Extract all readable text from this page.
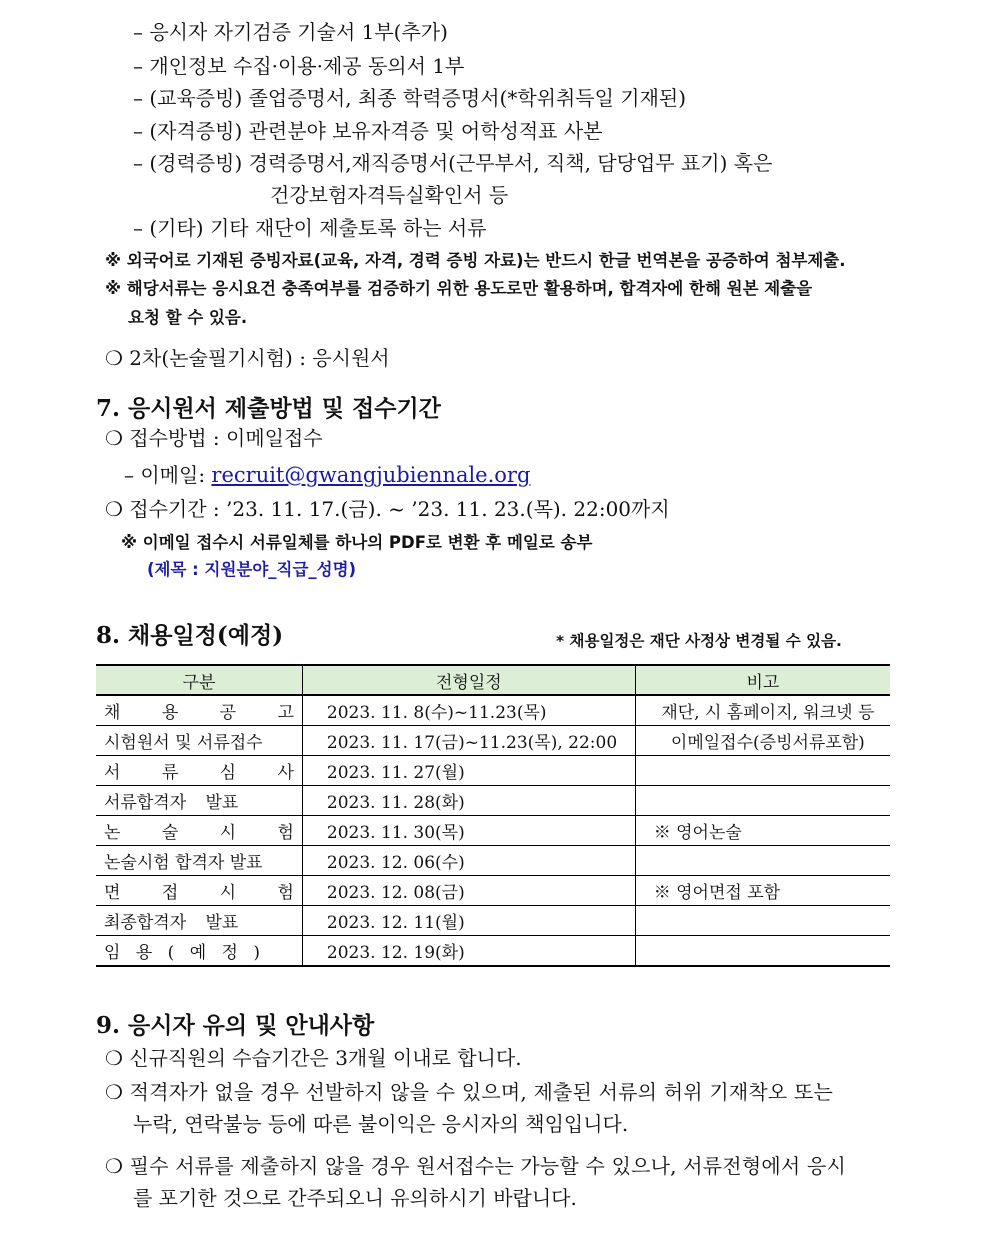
– 응시자 자기검증 기술서 1부(추가)
– 개인정보 수집·이용·제공 동의서 1부
– (교육증빙) 졸업증명서, 최종 학력증명서(*학위취득일 기재된)
– (자격증빙) 관련분야 보유자격증 및 어학성적표 사본
– (경력증빙) 경력증명서,재직증명서(근무부서, 직책, 담당업무 표기) 혹은
건강보험자격득실확인서 등
– (기타) 기타 재단이 제출토록 하는 서류
※ 외국어로 기재된 증빙자료(교육, 자격, 경력 증빙 자료)는 반드시 한글 번역본을 공증하여 첨부제출.
※ 해당서류는 응시요건 충족여부를 검증하기 위한 용도로만 활용하며, 합격자에 한해 원본 제출을
요청 할 수 있음.
❍ 2차(논술필기시험) : 응시원서
7. 응시원서 제출방법 및 접수기간
❍ 접수방법 : 이메일접수
– 이메일: recruit@gwangjubiennale.org
❍ 접수기간 : ’23. 11. 17.(금). ~ ’23. 11. 23.(목). 22:00까지
※ 이메일 접수시 서류일체를 하나의 PDF로 변환 후 메일로 송부
(제목 : 지원분야_직급_성명)
8. 채용일정(예정)	* 채용일정은 재단 사정상 변경될 수 있음.
구분	전형일정	비고
채 용 공 고	2023. 11. 8(수)~11.23(목)	재단, 시 홈페이지, 워크넷 등
시험원서 및 서류접수	2023. 11. 17(금)~11.23(목), 22:00	이메일접수(증빙서류포함)
서 류 심 사	2023. 11. 27(월)	
서류합격자 발표	2023. 11. 28(화)	
논 술 시 험	2023. 11. 30(목)	※ 영어논술
논술시험 합격자 발표	2023. 12. 06(수)	
면 접 시 험	2023. 12. 08(금)	※ 영어면접 포함
최종합격자 발표	2023. 12. 11(월)	
임 용 ( 예 정 )	2023. 12. 19(화)	
9. 응시자 유의 및 안내사항
❍ 신규직원의 수습기간은 3개월 이내로 합니다.
❍ 적격자가 없을 경우 선발하지 않을 수 있으며, 제출된 서류의 허위 기재착오 또는
누락, 연락불능 등에 따른 불이익은 응시자의 책임입니다.
❍ 필수 서류를 제출하지 않을 경우 원서접수는 가능할 수 있으나, 서류전형에서 응시
를 포기한 것으로 간주되오니 유의하시기 바랍니다.
